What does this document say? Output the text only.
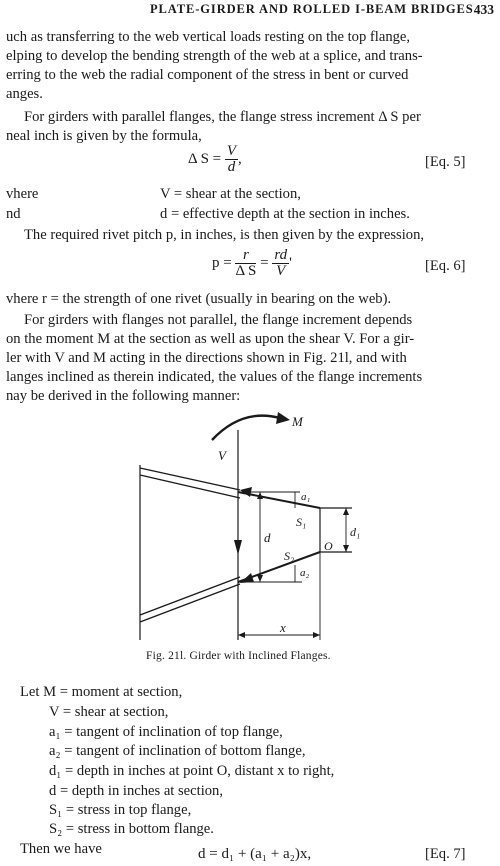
PLATE-GIRDER AND ROLLED I-BEAM BRIDGES 433
uch as transferring to the web vertical loads resting on the top flange,
elping to develop the bending strength of the web at a splice, and trans-
erring to the web the radial component of the stress in bent or curved
anges.
For girders with parallel flanges, the flange stress increment Δ S per
neal inch is given by the formula,
Δ $S = \frac{V}{d}$ ,	[Eq. 5]
vhere	V = shear at the section,
nd	d = effective depth at the section in inches.
The required rivet pitch p, in inches, is then given by the expression,
$p = \frac{r}{\text{Δ S}} = \frac{rd}{V}$ '	[Eq. 6]
vhere r = the strength of one rivet (usually in bearing on the web).
For girders with flanges not parallel, the flange increment depends
on the moment M at the section as well as upon the shear V. For a gir-
ler with V and M acting in the directions shown in Fig. 21l, and with
langes inclined as therein indicated, the values of the flange increments
nay be derived in the following manner:
M
V
a₁
S₁
d	d₁
S₂
O
a₂
x
Fig. 21l. Girder with Inclined Flanges.
Let M = moment at section,
V = shear at section,
a₁ = tangent of inclination of top flange,
a₂ = tangent of inclination of bottom flange,
d₁ = depth in inches at point O, distant x to right,
d = depth in inches at section,
S₁ = stress in top flange,
S₂ = stress in bottom flange.
Then we have	d = d₁ + (a₁ + a₂)x,	[Eq. 7]
